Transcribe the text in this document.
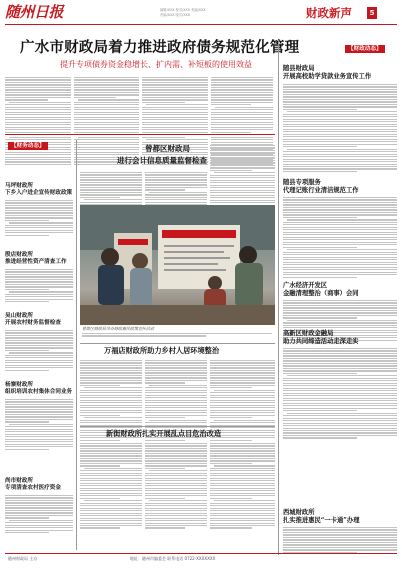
随州日报	编辑/XXX 校对/XXX 美编/XXX
责编/XXX 版式/XXX	财政新声	5
广水市财政局着力推进政府债务规范化管理
提升专项债券资金稳增长、扩内需、补短板的使用效益
【财政动态】
随县财政局
开展高校助学贷款业务宣传工作
随县专项服务
代理记账行业清洁规范工作
广水经济开发区
金融清理整治（商事）会同
高新区财政金融局
助力共同缔造活动走深走实
西城财政所
扎实推进惠民“一卡通”办理
【财务动态】
马坪财政所
下乡入户进企宣传财政政策
殷店财政所
推进经营性资产清查工作
吴山财政所
开展农村财务监督检查
杨寨财政所
组织培训农村集体合同业务
尚市财政所
专项清查农村医疗资金
曾都区财政局
进行会计信息质量监督检查
曾都区财政局举办财政惠民政策宣传活动
万福店财政所助力乡村人居环境整治
新街财政所扎实开展乱点目危治改造
随州财政局 主办	地址：随州市编委会 联系电话 0722-XXXXXXX
